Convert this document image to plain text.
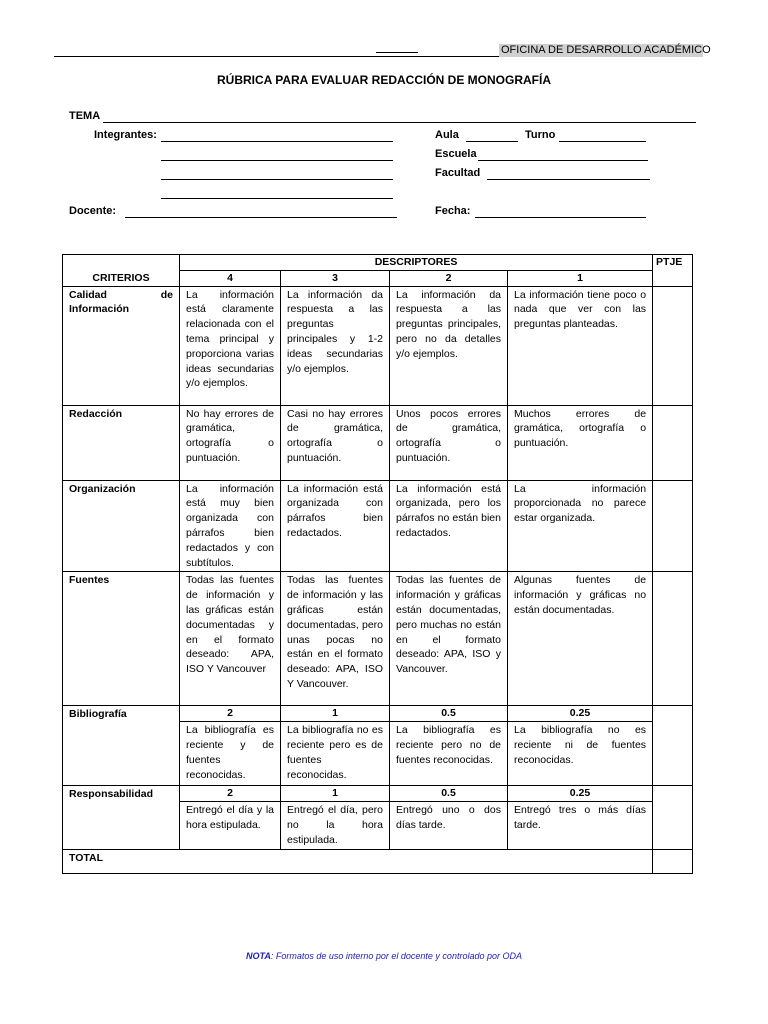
OFICINA DE DESARROLLO ACADÉMICO
RÚBRICA PARA EVALUAR REDACCIÓN DE MONOGRAFÍA
TEMA
Integrantes:	Aula	Turno
Escuela
Facultad
Docente:	Fecha:
CRITERIOS	DESCRIPTORES				PTJE
	4	3	2	1	
Calidad de Información	La información está claramente relacionada con el tema principal y proporciona varias ideas secundarias y/o ejemplos.	La información da respuesta a las preguntas principales y 1-2 ideas secundarias y/o ejemplos.	La información da respuesta a las preguntas principales, pero no da detalles y/o ejemplos.	La información tiene poco o nada que ver con las preguntas planteadas.	
Redacción	No hay errores de gramática, ortografía o puntuación.	Casi no hay errores de gramática, ortografía o puntuación.	Unos pocos errores de gramática, ortografía o puntuación.	Muchos errores de gramática, ortografía o puntuación.	
Organización	La información está muy bien organizada con párrafos bien redactados y con subtítulos.	La información está organizada con párrafos bien redactados.	La información está organizada, pero los párrafos no están bien redactados.	La información proporcionada no parece estar organizada.	
Fuentes	Todas las fuentes de información y las gráficas están documentadas y en el formato deseado: APA, ISO Y Vancouver	Todas las fuentes de información y las gráficas están documentadas, pero unas pocas no están en el formato deseado: APA, ISO Y Vancouver.	Todas las fuentes de información y gráficas están documentadas, pero muchas no están en el formato deseado: APA, ISO y Vancouver.	Algunas fuentes de información y gráficas no están documentadas.	
Bibliografía	2	1	0.5	0.25	
	La bibliografía es reciente y de fuentes reconocidas.	La bibliografía no es reciente pero es de fuentes reconocidas.	La bibliografía es reciente pero no de fuentes reconocidas.	La bibliografía no es reciente ni de fuentes reconocidas.	
Responsabilidad	2	1	0.5	0.25	
	Entregó el día y la hora estipulada.	Entregó el día, pero no la hora estipulada.	Entregó uno o dos días tarde.	Entregó tres o más días tarde.	
TOTAL					
NOTA: Formatos de uso interno por el docente y controlado por ODA
